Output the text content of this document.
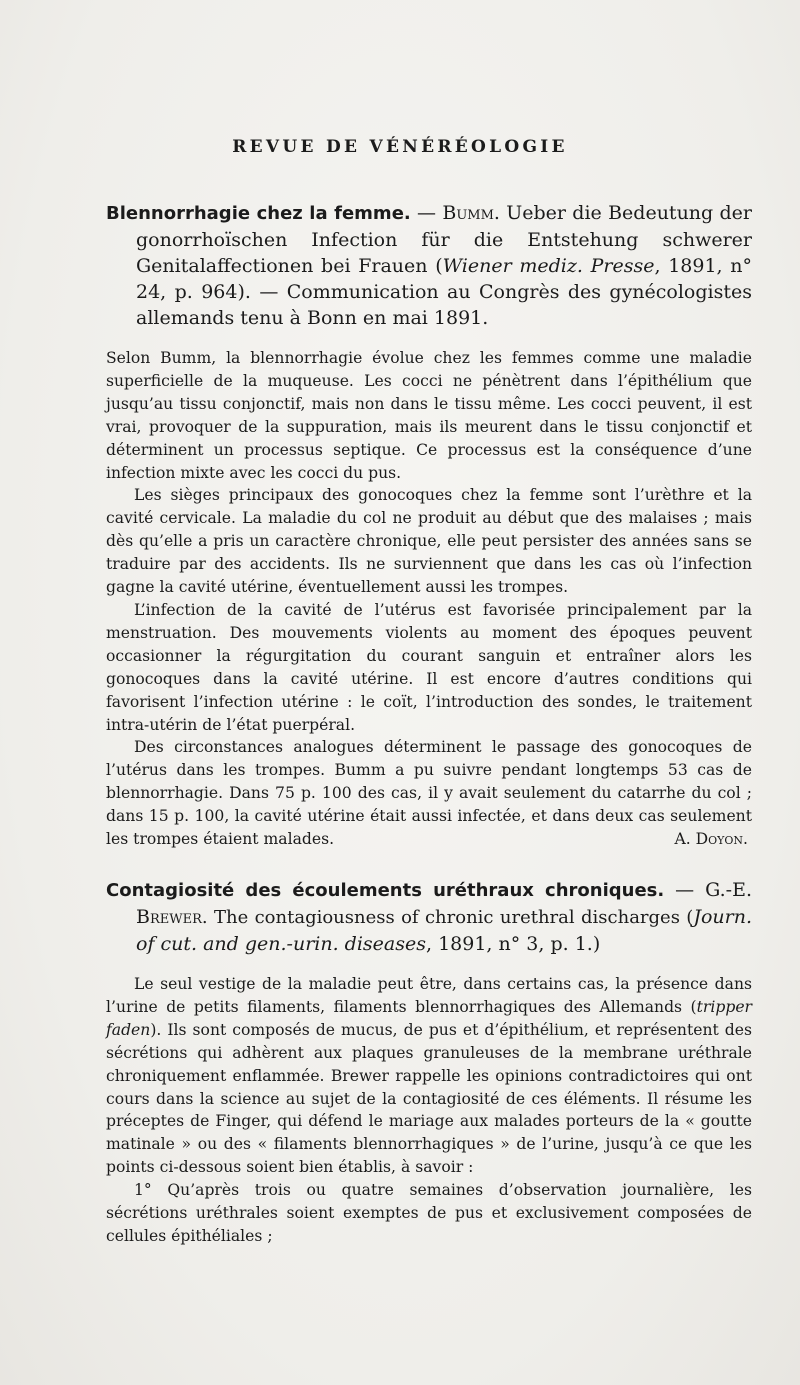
REVUE DE VÉNÉRÉOLOGIE
Blennorrhagie chez la femme. — Bumm. Ueber die Bedeutung der gonorrhoïschen Infection für die Entstehung schwerer Genitalaffectionen bei Frauen (Wiener mediz. Presse, 1891, n° 24, p. 964). — Communication au Congrès des gynécologistes allemands tenu à Bonn en mai 1891.

Selon Bumm, la blennorrhagie évolue chez les femmes comme une maladie superficielle de la muqueuse. Les cocci ne pénètrent dans l’épithélium que jusqu’au tissu conjonctif, mais non dans le tissu même. Les cocci peuvent, il est vrai, provoquer de la suppuration, mais ils meurent dans le tissu conjonctif et déterminent un processus septique. Ce processus est la conséquence d’une infection mixte avec les cocci du pus.

Les sièges principaux des gonocoques chez la femme sont l’urèthre et la cavité cervicale. La maladie du col ne produit au début que des malaises ; mais dès qu’elle a pris un caractère chronique, elle peut persister des années sans se traduire par des accidents. Ils ne surviennent que dans les cas où l’infection gagne la cavité utérine, éventuellement aussi les trompes.

L’infection de la cavité de l’utérus est favorisée principalement par la menstruation. Des mouvements violents au moment des époques peuvent occasionner la régurgitation du courant sanguin et entraîner alors les gonocoques dans la cavité utérine. Il est encore d’autres conditions qui favorisent l’infection utérine : le coït, l’introduction des sondes, le traitement intra-utérin de l’état puerpéral.

Des circonstances analogues déterminent le passage des gonocoques de l’utérus dans les trompes. Bumm a pu suivre pendant longtemps 53 cas de blennorrhagie. Dans 75 p. 100 des cas, il y avait seulement du catarrhe du col ; dans 15 p. 100, la cavité utérine était aussi infectée, et dans deux cas seulement les trompes étaient malades.	A. Doyon.

Contagiosité des écoulements uréthraux chroniques. — G.-E. Brewer. The contagiousness of chronic urethral discharges (Journ. of cut. and gen.-urin. diseases, 1891, n° 3, p. 1.)

Le seul vestige de la maladie peut être, dans certains cas, la présence dans l’urine de petits filaments, filaments blennorrhagiques des Allemands (tripper faden). Ils sont composés de mucus, de pus et d’épithélium, et représentent des sécrétions qui adhèrent aux plaques granuleuses de la membrane uréthrale chroniquement enflammée. Brewer rappelle les opinions contradictoires qui ont cours dans la science au sujet de la contagiosité de ces éléments. Il résume les préceptes de Finger, qui défend le mariage aux malades porteurs de la « goutte matinale » ou des « filaments blennorrhagiques » de l’urine, jusqu’à ce que les points ci-dessous soient bien établis, à savoir :

1° Qu’après trois ou quatre semaines d’observation journalière, les sécrétions uréthrales soient exemptes de pus et exclusivement composées de cellules épithéliales ;
